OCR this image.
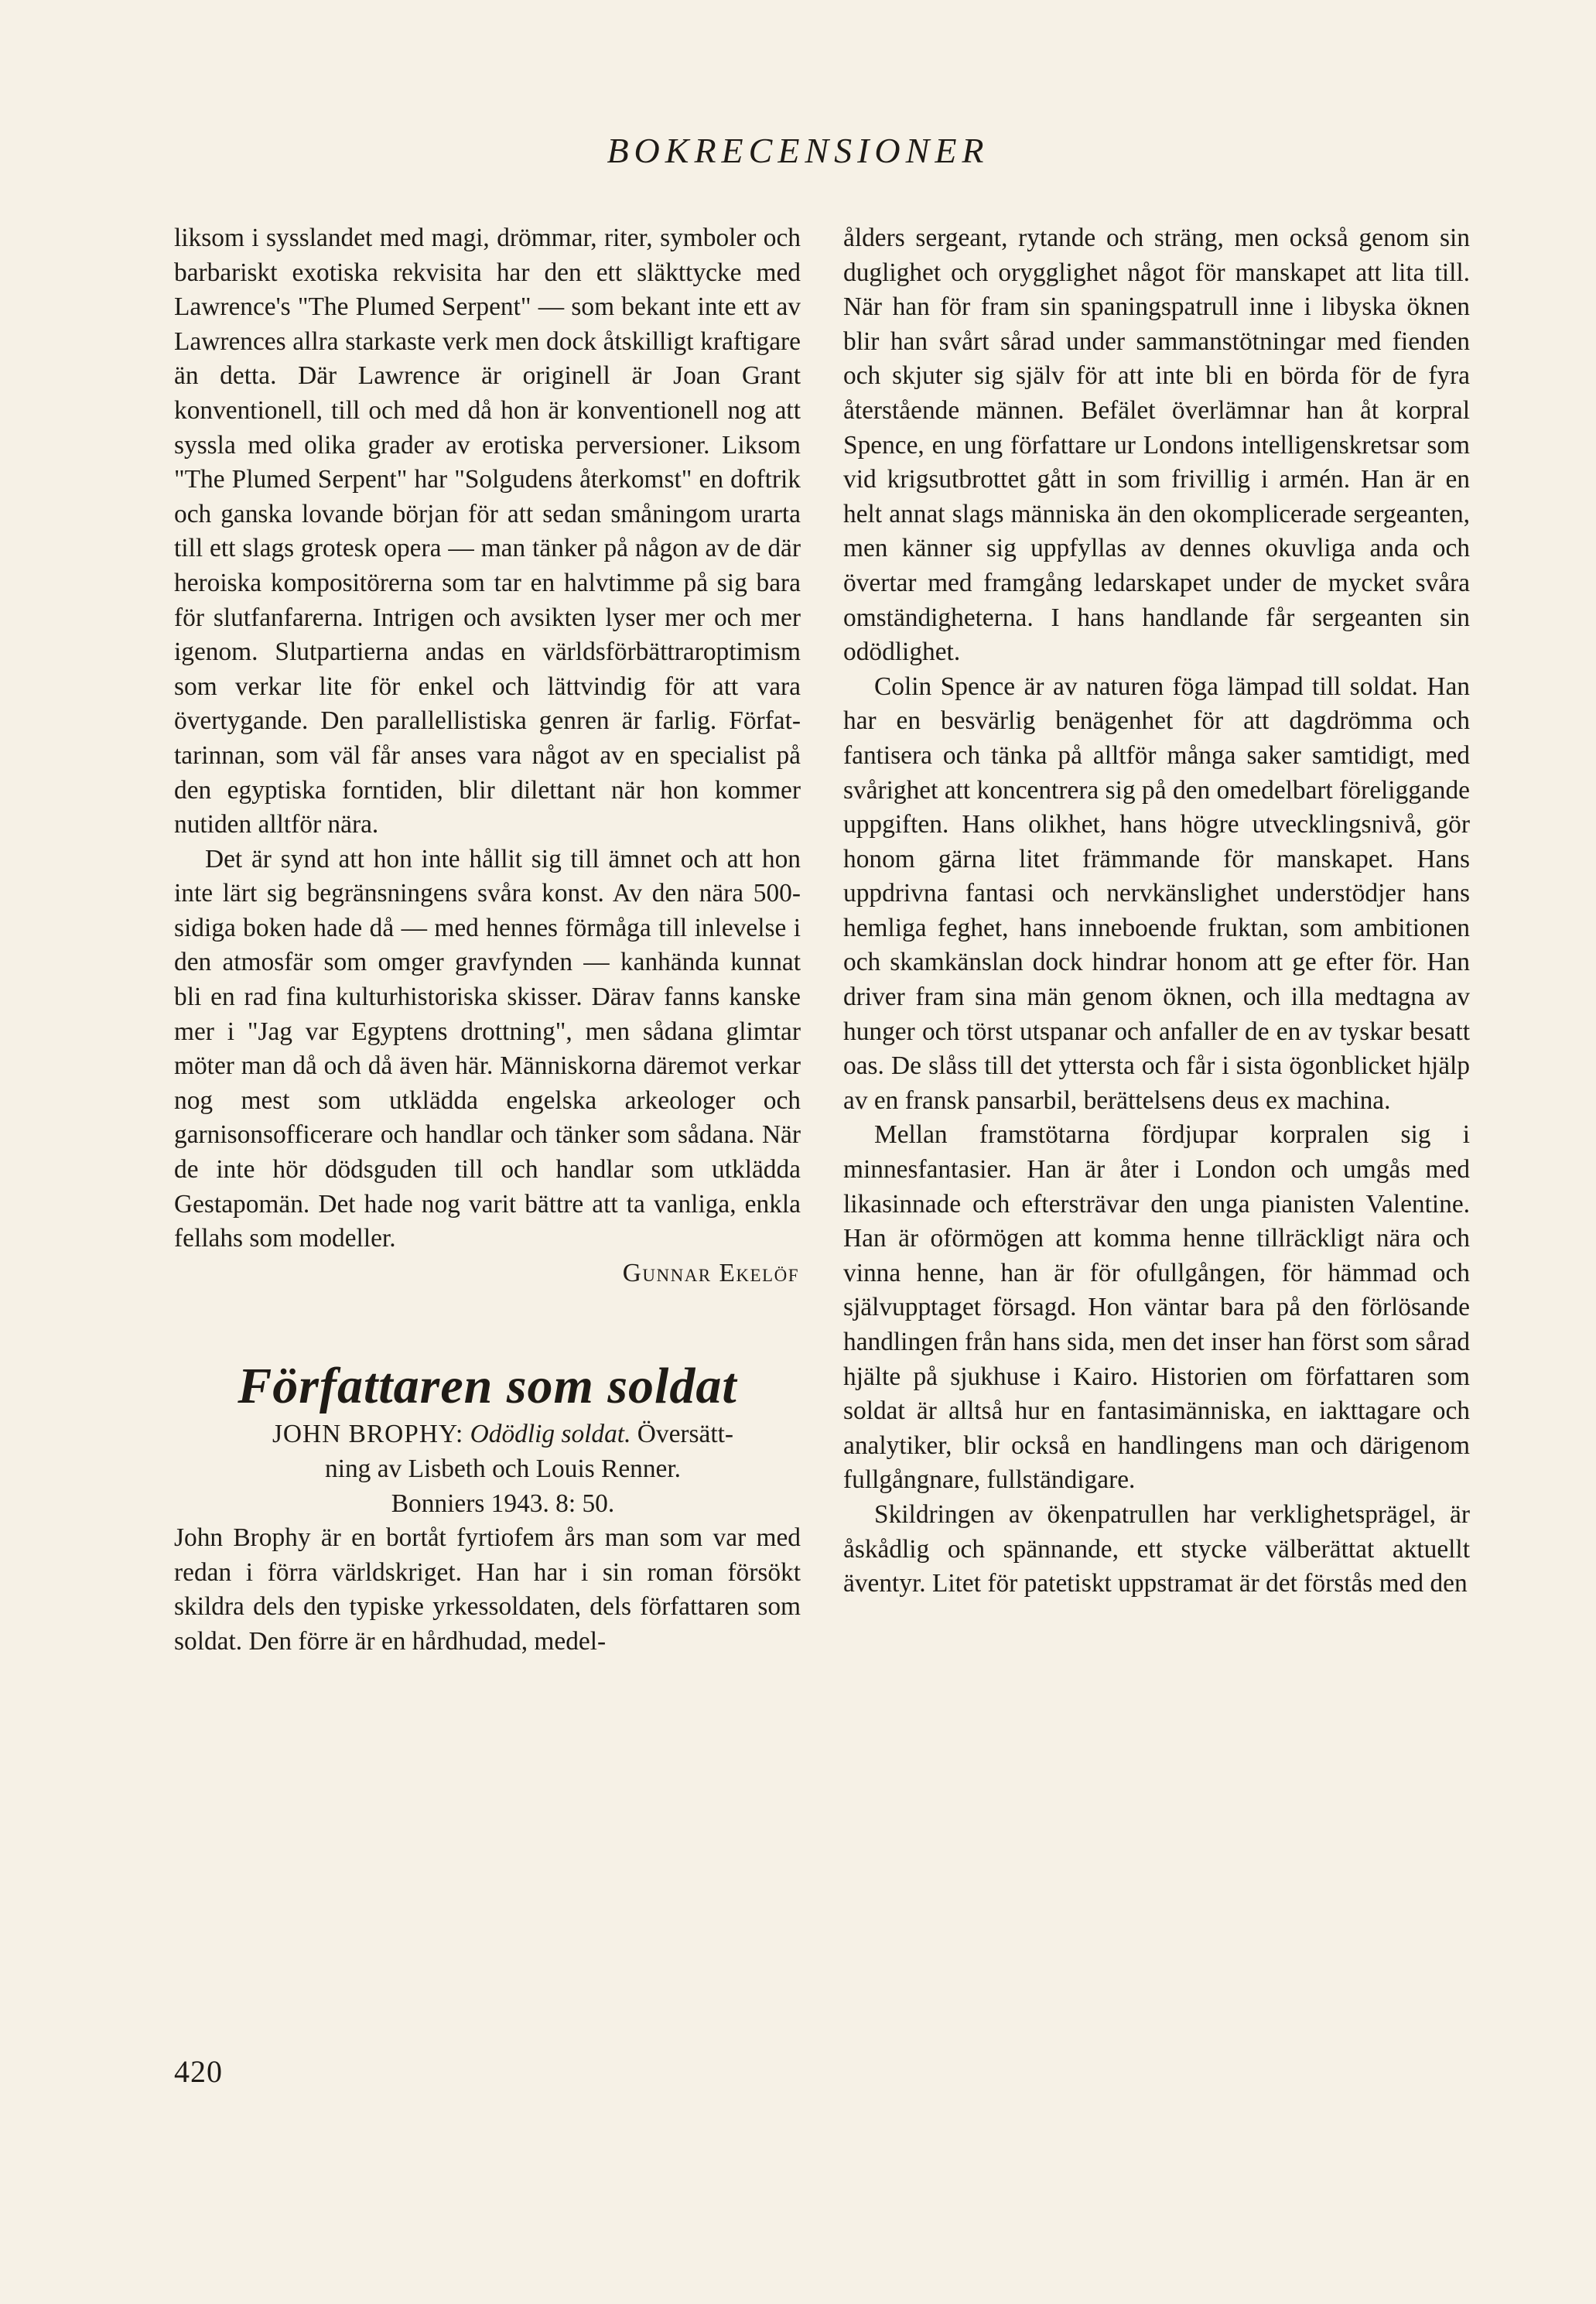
BOKRECENSIONER

liksom i sysslandet med magi, drömmar, riter, symboler och barbariskt exotiska rekvisita har den ett släkttycke med Lawrence's "The Plumed Serpent" — som bekant inte ett av Lawrences allra starkaste verk men dock åtskilligt kraftigare än detta. Där Lawrence är originell är Joan Grant konventionell, till och med då hon är konventionell nog att syssla med olika grader av erotiska perversioner. Liksom "The Plumed Serpent" har "Solgudens återkomst" en doftrik och ganska lovande början för att sedan småningom urarta till ett slags grotesk opera — man tänker på någon av de där heroiska kompositörerna som tar en halvtimme på sig bara för slutfanfarerna. Intrigen och avsikten lyser mer och mer igenom. Slutpartierna andas en världsförbättraroptimism som verkar lite för enkel och lättvindig för att vara övertygande. Den parallellistiska genren är farlig. Författarinnan, som väl får anses vara något av en specialist på den egyptiska forntiden, blir dilettant när hon kommer nutiden alltför nära.

Det är synd att hon inte hållit sig till ämnet och att hon inte lärt sig begränsningens svåra konst. Av den nära 500-sidiga boken hade då — med hennes förmåga till inlevelse i den atmosfär som omger gravfynden — kanhända kunnat bli en rad fina kulturhistoriska skisser. Därav fanns kanske mer i "Jag var Egyptens drottning", men sådana glimtar möter man då och då även här. Människorna däremot verkar nog mest som utklädda engelska arkeologer och garnisonsofficerare och handlar och tänker som sådana. När de inte hör dödsguden till och handlar som utklädda Gestapomän. Det hade nog varit bättre att ta vanliga, enkla fellahs som modeller.

Gunnar Ekelöf

Författaren som soldat

JOHN BROPHY: Odödlig soldat. Översätt-
ning av Lisbeth och Louis Renner.
Bonniers 1943. 8: 50.

John Brophy är en bortåt fyrtiofem års man som var med redan i förra världskriget. Han har i sin roman försökt skildra dels den typiske yrkessoldaten, dels författaren som soldat. Den förre är en hårdhudad, medel-

ålders sergeant, rytande och sträng, men också genom sin duglighet och orygglighet något för manskapet att lita till. När han för fram sin spaningspatrull inne i libyska öknen blir han svårt sårad under sammanstötningar med fienden och skjuter sig själv för att inte bli en börda för de fyra återstående männen. Befälet överlämnar han åt korpral Spence, en ung författare ur Londons intelligenskretsar som vid krigsutbrottet gått in som frivillig i armén. Han är en helt annat slags människa än den okomplicerade sergeanten, men känner sig uppfyllas av dennes okuvliga anda och övertar med framgång ledarskapet under de mycket svåra omständigheterna. I hans handlande får sergeanten sin odödlighet.

Colin Spence är av naturen föga lämpad till soldat. Han har en besvärlig benägenhet för att dagdrömma och fantisera och tänka på alltför många saker samtidigt, med svårighet att koncentrera sig på den omedelbart föreliggande uppgiften. Hans olikhet, hans högre utvecklingsnivå, gör honom gärna litet främmande för manskapet. Hans uppdrivna fantasi och nervkänslighet understödjer hans hemliga feghet, hans inneboende fruktan, som ambitionen och skamkänslan dock hindrar honom att ge efter för. Han driver fram sina män genom öknen, och illa medtagna av hunger och törst utspanar och anfaller de en av tyskar besatt oas. De slåss till det yttersta och får i sista ögonblicket hjälp av en fransk pansarbil, berättelsens deus ex machina.

Mellan framstötarna fördjupar korpralen sig i minnesfantasier. Han är åter i London och umgås med likasinnade och eftersträvar den unga pianisten Valentine. Han är oförmögen att komma henne tillräckligt nära och vinna henne, han är för ofullgången, för hämmad och självupptaget försagd. Hon väntar bara på den förlösande handlingen från hans sida, men det inser han först som sårad hjälte på sjukhuse i Kairo. Historien om författaren som soldat är alltså hur en fantasimänniska, en iakttagare och analytiker, blir också en handlingens man och därigenom fullgångnare, fullständigare.

Skildringen av ökenpatrullen har verklighetsprägel, är åskådlig och spännande, ett stycke välberättat aktuellt äventyr. Litet för patetiskt uppstramat är det förstås med den

420
